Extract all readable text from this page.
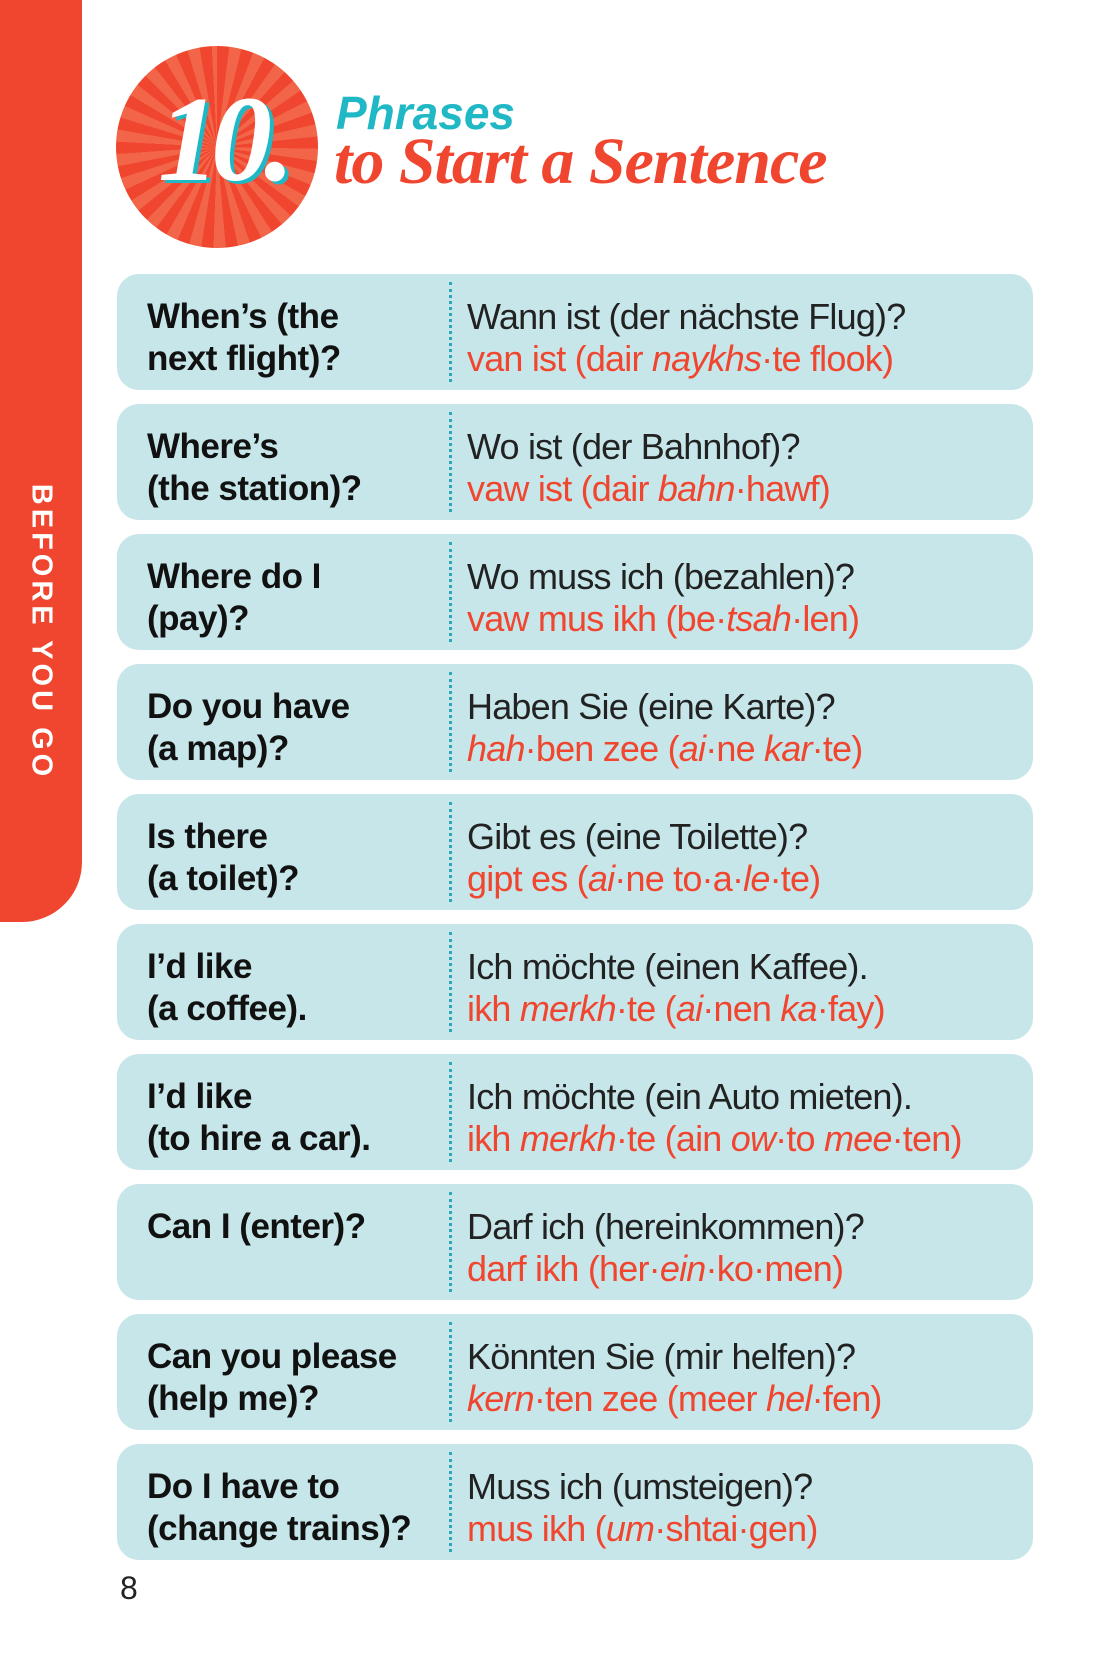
BEFORE YOU GO
10. Phrases
to Start a Sentence
When’s (the
next flight)?
Wann ist (der nächste Flug)?
van ist (dair naykhs·te flook)
Where’s
(the station)?
Wo ist (der Bahnhof)?
vaw ist (dair bahn·hawf)
Where do I
(pay)?
Wo muss ich (bezahlen)?
vaw mus ikh (be·tsah·len)
Do you have
(a map)?
Haben Sie (eine Karte)?
hah·ben zee (ai·ne kar·te)
Is there
(a toilet)?
Gibt es (eine Toilette)?
gipt es (ai·ne to·a·le·te)
I’d like
(a coffee).
Ich möchte (einen Kaffee).
ikh merkh·te (ai·nen ka·fay)
I’d like
(to hire a car).
Ich möchte (ein Auto mieten).
ikh merkh·te (ain ow·to mee·ten)
Can I (enter)?	Darf ich (hereinkommen)?
darf ikh (her·ein·ko·men)
Can you please
(help me)?
Könnten Sie (mir helfen)?
kern·ten zee (meer hel·fen)
Do I have to
(change trains)?
Muss ich (umsteigen)?
mus ikh (um·shtai·gen)
8
